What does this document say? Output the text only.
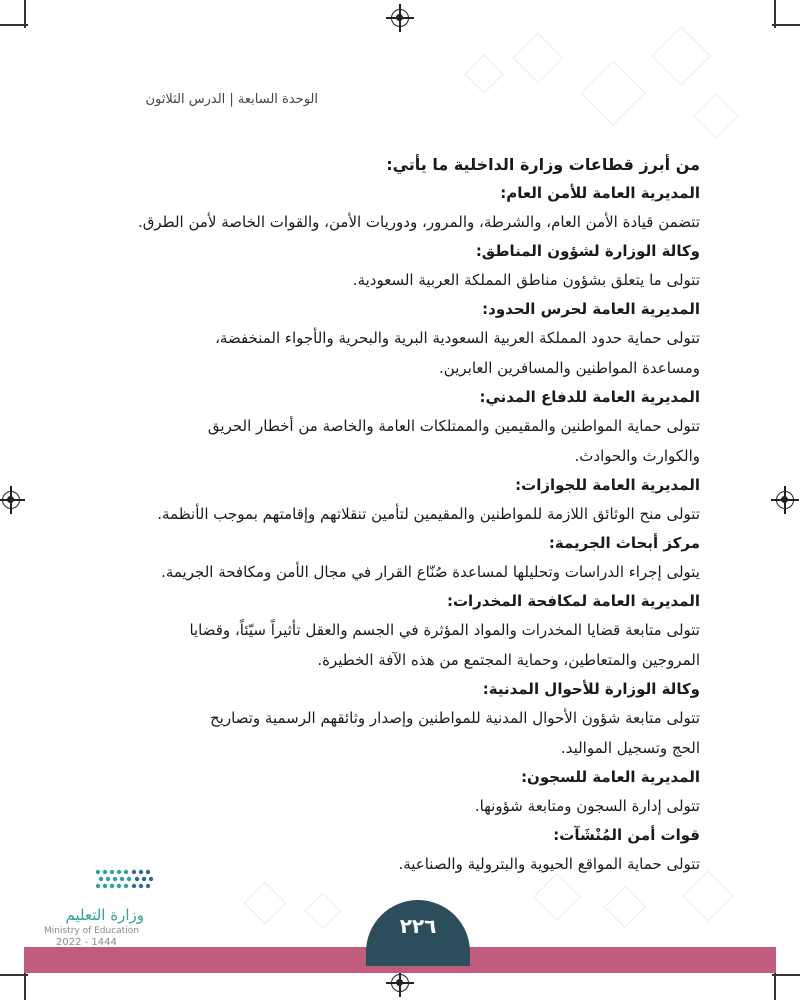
الوحدة السابعة | الدرس الثلاثون

من أبرز قطاعات وزارة الداخلية ما يأتي:

المديرية العامة للأمن العام:

تتضمن قيادة الأمن العام، والشرطة، والمرور، ودوريات الأمن، والقوات الخاصة لأمن الطرق.

وكالة الوزارة لشؤون المناطق:

تتولى ما يتعلق بشؤون مناطق المملكة العربية السعودية.

المديرية العامة لحرس الحدود:

تتولى حماية حدود المملكة العربية السعودية البرية والبحرية والأجواء المنخفضة،

ومساعدة المواطنين والمسافرين العابرين.

المديرية العامة للدفاع المدني:

تتولى حماية المواطنين والمقيمين والممتلكات العامة والخاصة من أخطار الحريق

والكوارث والحوادث.

المديرية العامة للجوازات:

تتولى منح الوثائق اللازمة للمواطنين والمقيمين لتأمين تنقلاتهم وإقامتهم بموجب الأنظمة.

مركز أبحاث الجريمة:

يتولى إجراء الدراسات وتحليلها لمساعدة صُنّاع القرار في مجال الأمن ومكافحة الجريمة.

المديرية العامة لمكافحة المخدرات:

تتولى متابعة قضايا المخدرات والمواد المؤثرة في الجسم والعقل تأثيراً سيّئاً، وقضايا

المروجين والمتعاطين، وحماية المجتمع من هذه الآفة الخطيرة.

وكالة الوزارة للأحوال المدنية:

تتولى متابعة شؤون الأحوال المدنية للمواطنين وإصدار وثائقهم الرسمية وتصاريح

الحج وتسجيل المواليد.

المديرية العامة للسجون:

تتولى إدارة السجون ومتابعة شؤونها.

قوات أمن المُنْشَآت:

تتولى حماية المواقع الحيوية والبترولية والصناعية.

٢٢٦
وزارة التعليم
Ministry of Education
2022 - 1444
